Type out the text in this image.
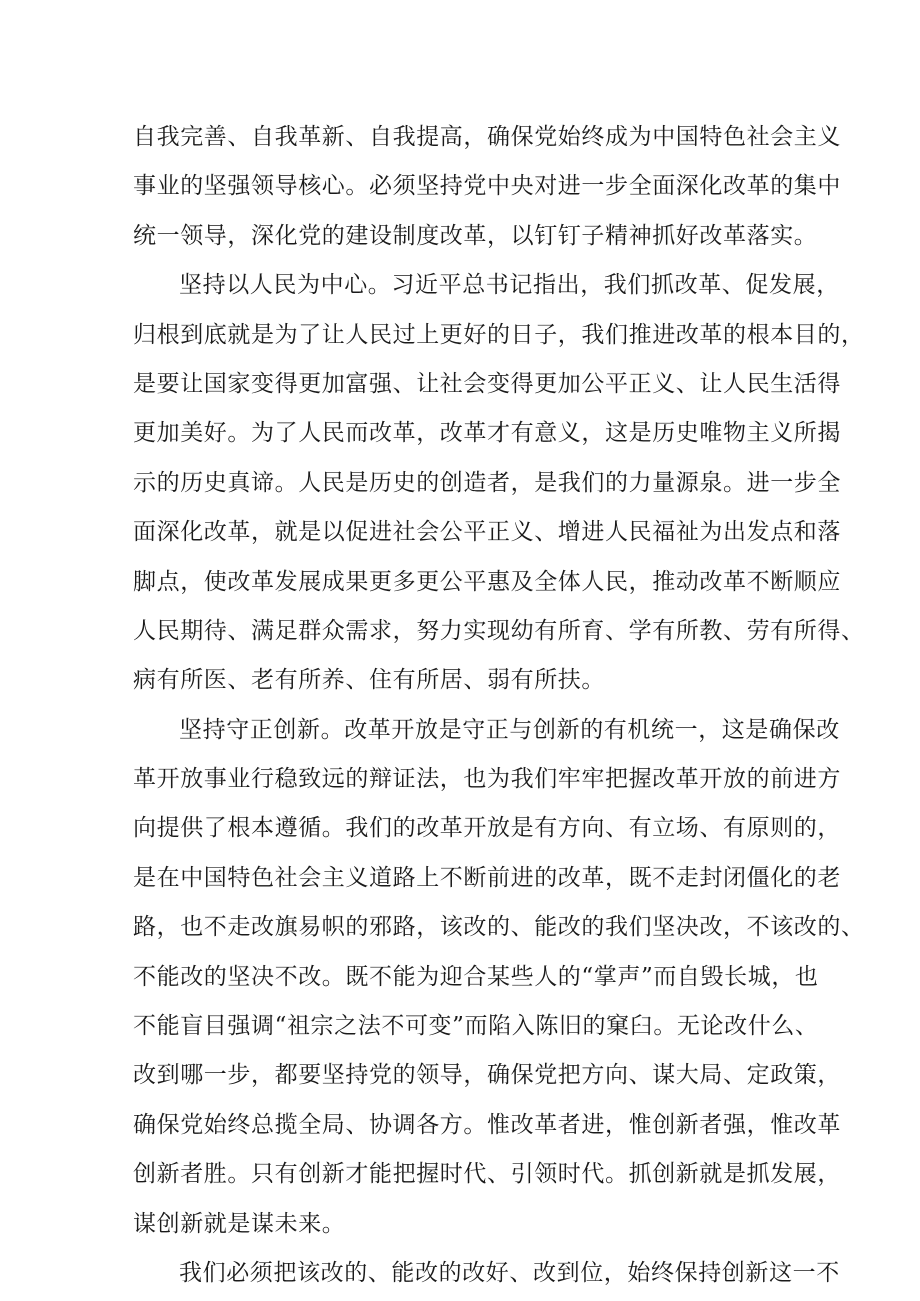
自我完善、自我革新、自我提高，确保党始终成为中国特色社会主义
事业的坚强领导核心。必须坚持党中央对进一步全面深化改革的集中
统一领导，深化党的建设制度改革，以钉钉子精神抓好改革落实。
坚持以人民为中心。习近平总书记指出，我们抓改革、促发展，
归根到底就是为了让人民过上更好的日子，我们推进改革的根本目的，
是要让国家变得更加富强、让社会变得更加公平正义、让人民生活得
更加美好。为了人民而改革，改革才有意义，这是历史唯物主义所揭
示的历史真谛。人民是历史的创造者，是我们的力量源泉。进一步全
面深化改革，就是以促进社会公平正义、增进人民福祉为出发点和落
脚点，使改革发展成果更多更公平惠及全体人民，推动改革不断顺应
人民期待、满足群众需求，努力实现幼有所育、学有所教、劳有所得、
病有所医、老有所养、住有所居、弱有所扶。
坚持守正创新。改革开放是守正与创新的有机统一，这是确保改
革开放事业行稳致远的辩证法，也为我们牢牢把握改革开放的前进方
向提供了根本遵循。我们的改革开放是有方向、有立场、有原则的，
是在中国特色社会主义道路上不断前进的改革，既不走封闭僵化的老
路，也不走改旗易帜的邪路，该改的、能改的我们坚决改，不该改的、
不能改的坚决不改。既不能为迎合某些人的“掌声”而自毁长城，也
不能盲目强调“祖宗之法不可变”而陷入陈旧的窠臼。无论改什么、
改到哪一步，都要坚持党的领导，确保党把方向、谋大局、定政策，
确保党始终总揽全局、协调各方。惟改革者进，惟创新者强，惟改革
创新者胜。只有创新才能把握时代、引领时代。抓创新就是抓发展，
谋创新就是谋未来。
我们必须把该改的、能改的改好、改到位，始终保持创新这一不
